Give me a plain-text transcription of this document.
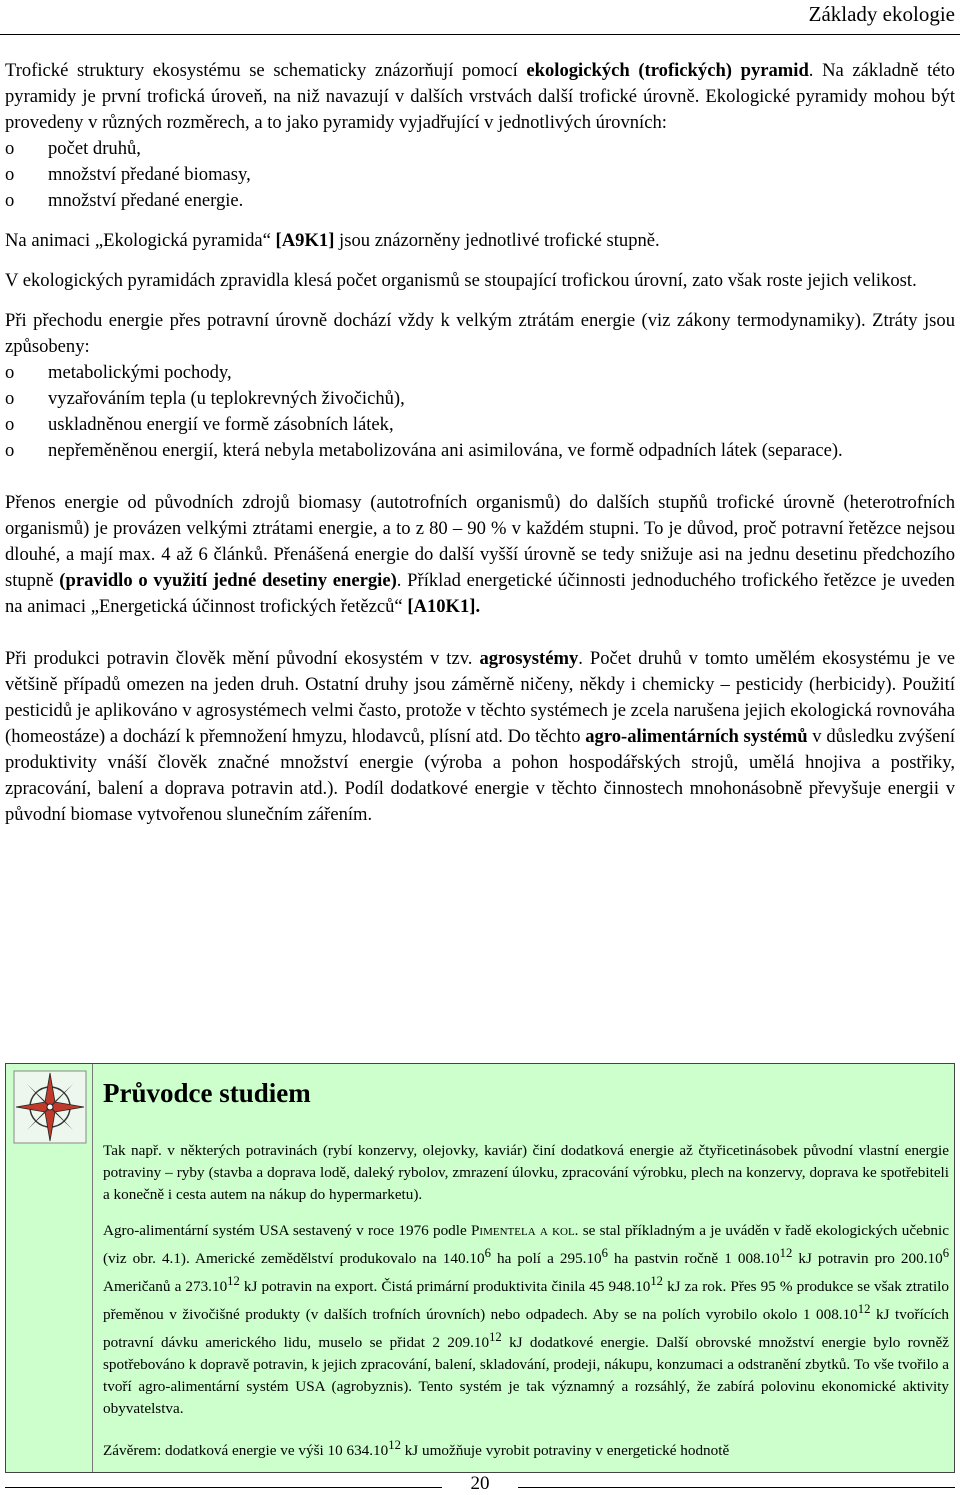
Základy ekologie

Trofické struktury ekosystému se schematicky znázorňují pomocí ekologických (trofických) pyramid. Na základně této pyramidy je první trofická úroveň, na niž navazují v dalších vrstvách další trofické úrovně. Ekologické pyramidy mohou být provedeny v různých rozměrech, a to jako pyramidy vyjadřující v jednotlivých úrovních:

o počet druhů,
o množství předané biomasy,
o množství předané energie.

Na animaci „Ekologická pyramida“ [A9K1] jsou znázorněny jednotlivé trofické stupně.

V ekologických pyramidách zpravidla klesá počet organismů se stoupající trofickou úrovní, zato však roste jejich velikost.

Při přechodu energie přes potravní úrovně dochází vždy k velkým ztrátám energie (viz zákony termodynamiky). Ztráty jsou způsobeny:

o metabolickými pochody,
o vyzařováním tepla (u teplokrevných živočichů),
o uskladněnou energií ve formě zásobních látek,
o nepřeměněnou energií, která nebyla metabolizována ani asimilována, ve formě odpadních látek (separace).

Přenos energie od původních zdrojů biomasy (autotrofních organismů) do dalších stupňů trofické úrovně (heterotrofních organismů) je provázen velkými ztrátami energie, a to z 80 – 90 % v každém stupni. To je důvod, proč potravní řetězce nejsou dlouhé, a mají max. 4 až 6 článků. Přenášená energie do další vyšší úrovně se tedy snižuje asi na jednu desetinu předchozího stupně (pravidlo o využití jedné desetiny energie). Příklad energetické účinnosti jednoduchého trofického řetězce je uveden na animaci „Energetická účinnost trofických řetězců“ [A10K1].

Při produkci potravin člověk mění původní ekosystém v tzv. agrosystémy. Počet druhů v tomto umělém ekosystému je ve většině případů omezen na jeden druh. Ostatní druhy jsou záměrně ničeny, někdy i chemicky – pesticidy (herbicidy). Použití pesticidů je aplikováno v agrosystémech velmi často, protože v těchto systémech je zcela narušena jejich ekologická rovnováha (homeostáze) a dochází k přemnožení hmyzu, hlodavců, plísní atd. Do těchto agro-alimentárních systémů v důsledku zvýšení produktivity vnáší člověk značné množství energie (výroba a pohon hospodářských strojů, umělá hnojiva a postřiky, zpracování, balení a doprava potravin atd.). Podíl dodatkové energie v těchto činnostech mnohonásobně převyšuje energii v původní biomase vytvořenou slunečním zářením.

Průvodce studiem

Tak např. v některých potravinách (rybí konzervy, olejovky, kaviár) činí dodatková energie až čtyřicetinásobek původní vlastní energie potraviny – ryby (stavba a doprava lodě, daleký rybolov, zmrazení úlovku, zpracování výrobku, plech na konzervy, doprava ke spotřebiteli a konečně i cesta autem na nákup do hypermarketu).

Agro-alimentární systém USA sestavený v roce 1976 podle Pimentela a kol. se stal příkladným a je uváděn v řadě ekologických učebnic (viz obr. 4.1). Americké zemědělství produkovalo na 140.10$^6$ ha polí a 295.10$^6$ ha pastvin ročně 1 008.10$^{12}$ kJ potravin pro 200.10$^6$ Američanů a 273.10$^{12}$ kJ potravin na export. Čistá primární produktivita činila 45 948.10$^{12}$ kJ za rok. Přes 95 % produkce se však ztratilo přeměnou v živočišné produkty (v dalších trofních úrovních) nebo odpadech. Aby se na polích vyrobilo okolo 1 008.10$^{12}$ kJ tvořících potravní dávku amerického lidu, muselo se přidat 2 209.10$^{12}$ kJ dodatkové energie. Další obrovské množství energie bylo rovněž spotřebováno k dopravě potravin, k jejich zpracování, balení, skladování, prodeji, nákupu, konzumaci a odstranění zbytků. To vše tvořilo a tvoří agro-alimentární systém USA (agrobyznis). Tento systém je tak významný a rozsáhlý, že zabírá polovinu ekonomické aktivity obyvatelstva.

Závěrem: dodatková energie ve výši 10 634.10$^{12}$ kJ umožňuje vyrobit potraviny v energetické hodnotě

20
